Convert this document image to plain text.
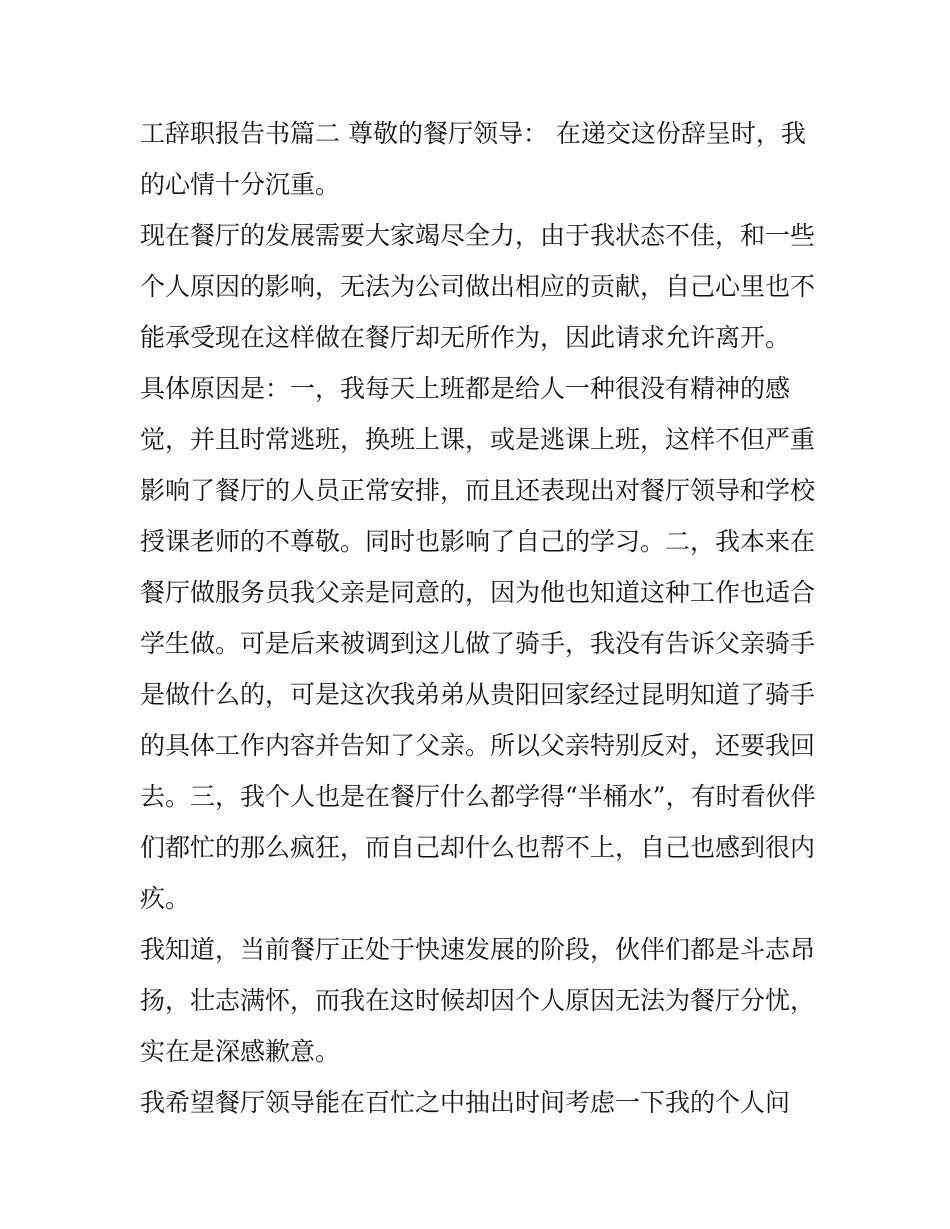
工辞职报告书篇二 尊敬的餐厅领导： 在递交这份辞呈时，我
的心情十分沉重。
现在餐厅的发展需要大家竭尽全力，由于我状态不佳，和一些
个人原因的影响，无法为公司做出相应的贡献，自己心里也不
能承受现在这样做在餐厅却无所作为，因此请求允许离开。
具体原因是：一，我每天上班都是给人一种很没有精神的感
觉，并且时常逃班，换班上课，或是逃课上班，这样不但严重
影响了餐厅的人员正常安排，而且还表现出对餐厅领导和学校
授课老师的不尊敬。同时也影响了自己的学习。二，我本来在
餐厅做服务员我父亲是同意的，因为他也知道这种工作也适合
学生做。可是后来被调到这儿做了骑手，我没有告诉父亲骑手
是做什么的，可是这次我弟弟从贵阳回家经过昆明知道了骑手
的具体工作内容并告知了父亲。所以父亲特别反对，还要我回
去。三，我个人也是在餐厅什么都学得“半桶水”，有时看伙伴
们都忙的那么疯狂，而自己却什么也帮不上，自己也感到很内
疚。
我知道，当前餐厅正处于快速发展的阶段，伙伴们都是斗志昂
扬，壮志满怀，而我在这时候却因个人原因无法为餐厅分忧，
实在是深感歉意。
我希望餐厅领导能在百忙之中抽出时间考虑一下我的个人问
